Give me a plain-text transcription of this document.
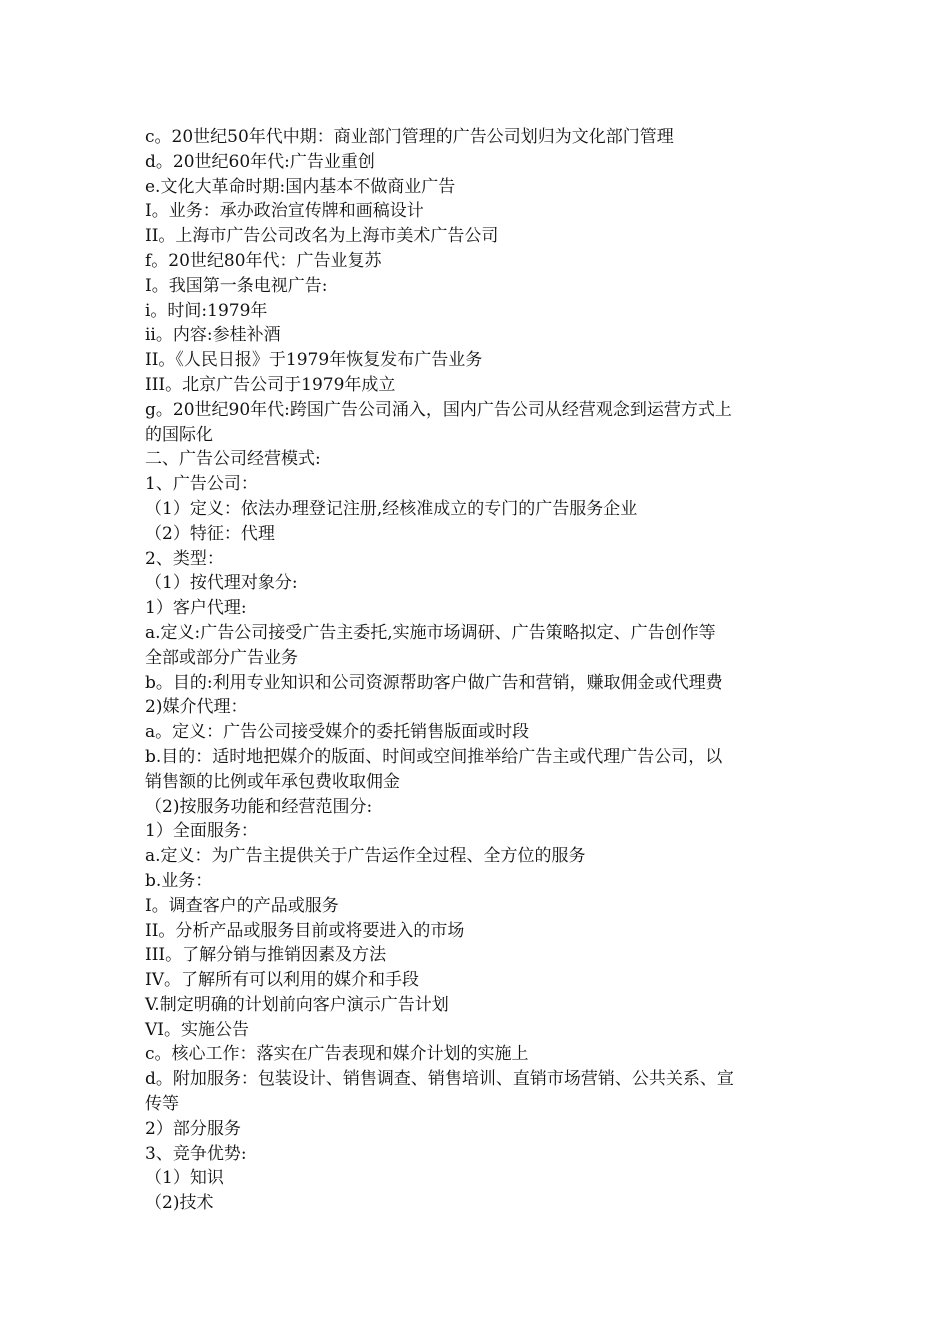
c。20世纪50年代中期：商业部门管理的广告公司划归为文化部门管理

d。20世纪60年代:广告业重创

e.文化大革命时期:国内基本不做商业广告

I。业务：承办政治宣传牌和画稿设计

II。上海市广告公司改名为上海市美术广告公司

f。20世纪80年代：广告业复苏

I。我国第一条电视广告:

i。时间:1979年

ii。内容:参桂补酒

II。《人民日报》于1979年恢复发布广告业务

III。北京广告公司于1979年成立

g。20世纪90年代:跨国广告公司涌入，国内广告公司从经营观念到运营方式上

的国际化

二、广告公司经营模式:

1、广告公司：

（1）定义：依法办理登记注册,经核准成立的专门的广告服务企业

（2）特征：代理

2、类型：

（1）按代理对象分:

1）客户代理:

a.定义:广告公司接受广告主委托,实施市场调研、广告策略拟定、广告创作等

全部或部分广告业务

b。目的:利用专业知识和公司资源帮助客户做广告和营销，赚取佣金或代理费

2)媒介代理：

a。定义：广告公司接受媒介的委托销售版面或时段

b.目的：适时地把媒介的版面、时间或空间推举给广告主或代理广告公司，以

销售额的比例或年承包费收取佣金

（2)按服务功能和经营范围分:

1）全面服务：

a.定义：为广告主提供关于广告运作全过程、全方位的服务

b.业务：

I。调查客户的产品或服务

II。分析产品或服务目前或将要进入的市场

III。了解分销与推销因素及方法

IV。了解所有可以利用的媒介和手段

V.制定明确的计划前向客户演示广告计划

VI。实施公告

c。核心工作：落实在广告表现和媒介计划的实施上

d。附加服务：包装设计、销售调查、销售培训、直销市场营销、公共关系、宣

传等

2）部分服务

3、竞争优势:

（1）知识

（2)技术
